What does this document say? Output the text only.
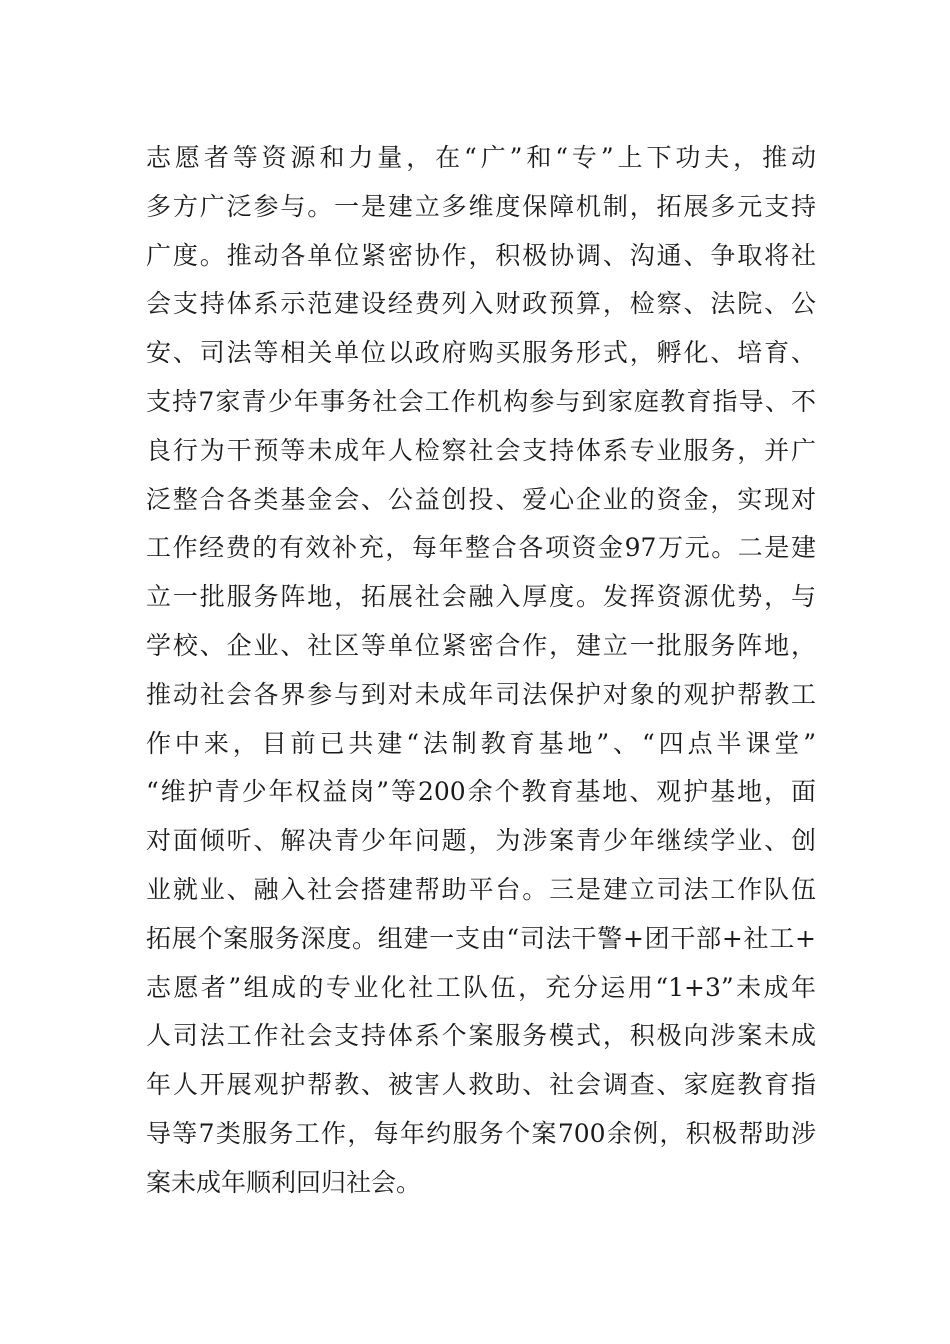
志愿者等资源和力量，在“广”和“专”上下功夫，推动
多方广泛参与。一是建立多维度保障机制，拓展多元支持
广度。推动各单位紧密协作，积极协调、沟通、争取将社
会支持体系示范建设经费列入财政预算，检察、法院、公
安、司法等相关单位以政府购买服务形式，孵化、培育、
支持7家青少年事务社会工作机构参与到家庭教育指导、不
良行为干预等未成年人检察社会支持体系专业服务，并广
泛整合各类基金会、公益创投、爱心企业的资金，实现对
工作经费的有效补充，每年整合各项资金97万元。二是建
立一批服务阵地，拓展社会融入厚度。发挥资源优势，与
学校、企业、社区等单位紧密合作，建立一批服务阵地，
推动社会各界参与到对未成年司法保护对象的观护帮教工
作中来，目前已共建“法制教育基地”、“四点半课堂”
“维护青少年权益岗”等200余个教育基地、观护基地，面
对面倾听、解决青少年问题，为涉案青少年继续学业、创
业就业、融入社会搭建帮助平台。三是建立司法工作队伍
拓展个案服务深度。组建一支由“司法干警+团干部+社工+
志愿者”组成的专业化社工队伍，充分运用“1+3”未成年
人司法工作社会支持体系个案服务模式，积极向涉案未成
年人开展观护帮教、被害人救助、社会调查、家庭教育指
导等7类服务工作，每年约服务个案700余例，积极帮助涉
案未成年顺利回归社会。
